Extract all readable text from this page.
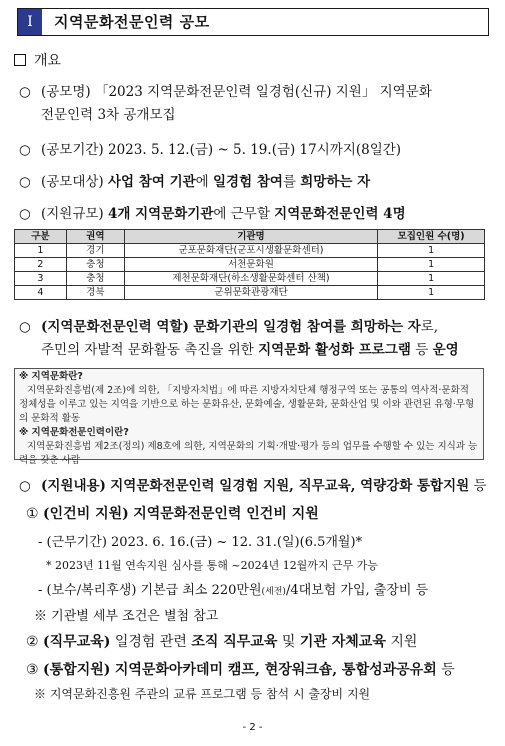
Ⅰ	지역문화전문인력 공모
개요
○ (공모명) 「2023 지역문화전문인력 일경험(신규) 지원」 지역문화
전문인력 3차 공개모집
○ (공모기간) 2023. 5. 12.(금) ~ 5. 19.(금) 17시까지(8일간)
○ (공모대상) 사업 참여 기관에 일경험 참여를 희망하는 자
○ (지원규모) 4개 지역문화기관에 근무할 지역문화전문인력 4명
구분	권역	기관명	모집인원 수(명)
1	경기	군포문화재단(군포시생활문화센터)	1
2	충청	서천문화원	1
3	충청	제천문화재단(하소생활문화센터 산책)	1
4	경북	군위문화관광재단	1
○ (지역문화전문인력 역할) 문화기관의 일경험 참여를 희망하는 자로,
주민의 자발적 문화활동 촉진을 위한 지역문화 활성화 프로그램 등 운영
※ 지역문화란?
지역문화진흥법(제 2조)에 의한, 「지방자치법」에 따른 지방자치단체 행정구역 또는 공통의 역사적·문화적 정체성을 이루고 있는 지역을 기반으로 하는 문화유산, 문화예술, 생활문화, 문화산업 및 이와 관련된 유형·무형의 문화적 활동
※ 지역문화전문인력이란?
지역문화진흥법 제2조(정의) 제8호에 의한, 지역문화의 기획·개발·평가 등의 업무를 수행할 수 있는 지식과 능력을 갖춘 사람
○ (지원내용) 지역문화전문인력 일경험 지원, 직무교육, 역량강화 통합지원 등
① (인건비 지원) 지역문화전문인력 인건비 지원
- (근무기간) 2023. 6. 16.(금) ~ 12. 31.(일)(6.5개월)*
* 2023년 11월 연속지원 심사를 통해 ~2024년 12월까지 근무 가능
- (보수/복리후생) 기본급 최소 220만원(세전)/4대보험 가입, 출장비 등
※ 기관별 세부 조건은 별첨 참고
② (직무교육) 일경험 관련 조직 직무교육 및 기관 자체교육 지원
③ (통합지원) 지역문화아카데미 캠프, 현장워크숍, 통합성과공유회 등
※ 지역문화진흥원 주관의 교류 프로그램 등 참석 시 출장비 지원
- 2 -
